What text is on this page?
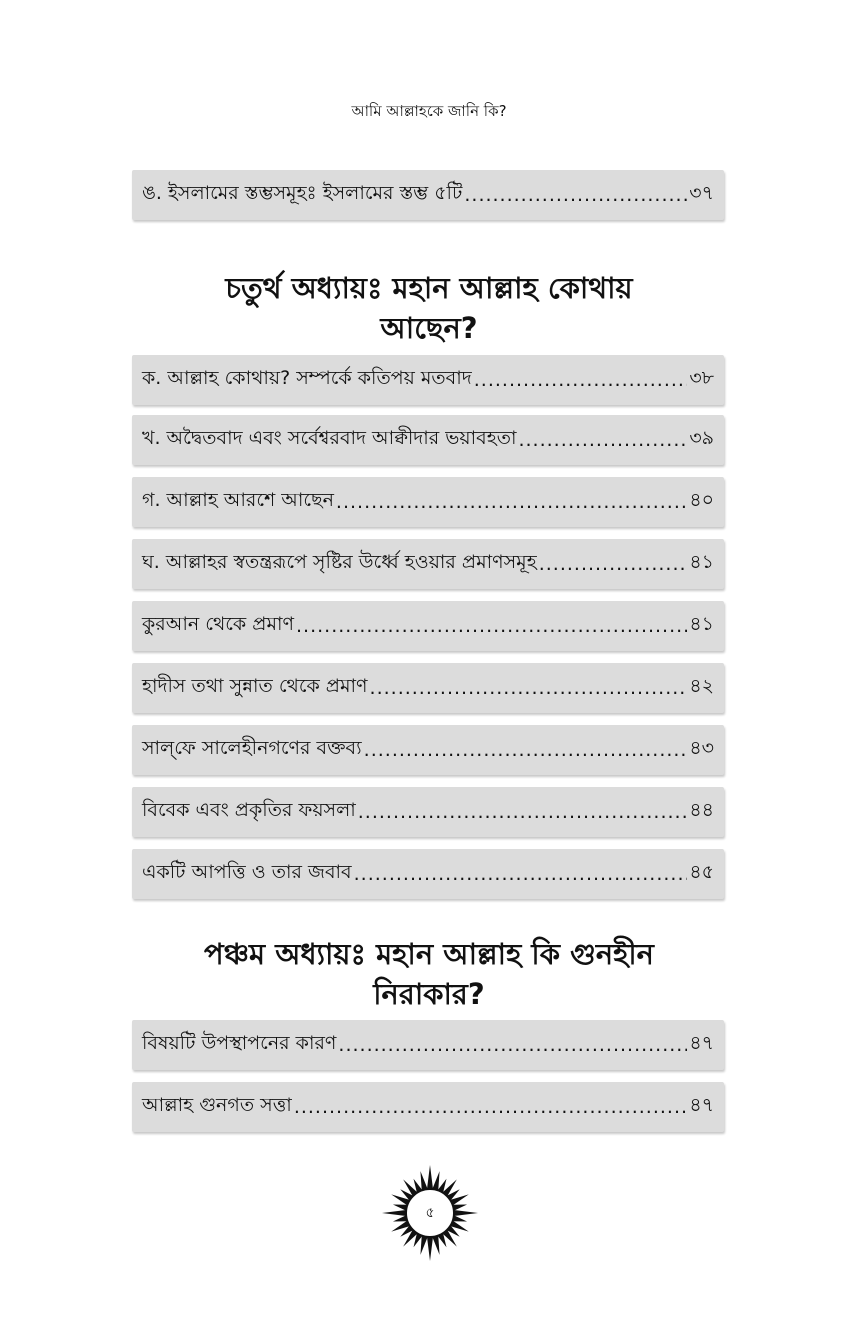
আমি আল্লাহকে জানি কি?
ঙ. ইসলামের স্তম্ভসমূহঃ ইসলামের স্তম্ভ ৫টি .....	৩৭
চতুর্থ অধ্যায়ঃ মহান আল্লাহ কোথায়
আছেন?
ক. আল্লাহ কোথায়? সম্পর্কে কতিপয় মতবাদ .....	৩৮
খ. অদ্বৈতবাদ এবং সর্বেশ্বরবাদ আক্বীদার ভয়াবহতা .....	৩৯
গ. আল্লাহ আরশে আছেন .....	৪০
ঘ. আল্লাহর স্বতন্ত্ররূপে সৃষ্টির উর্ধ্বে হওয়ার প্রমাণসমূহ .....	৪১
কুরআন থেকে প্রমাণ .....	৪১
হাদীস তথা সুন্নাত থেকে প্রমাণ .....	৪২
সাল্‌ফে সালেহীনগণের বক্তব্য .....	৪৩
বিবেক এবং প্রকৃতির ফয়সলা .....	৪৪
একটি আপত্তি ও তার জবাব .....	৪৫
পঞ্চম অধ্যায়ঃ মহান আল্লাহ কি গুনহীন
নিরাকার?
বিষয়টি উপস্থাপনের কারণ .....	৪৭
আল্লাহ গুনগত সত্তা .....	৪৭
৫
